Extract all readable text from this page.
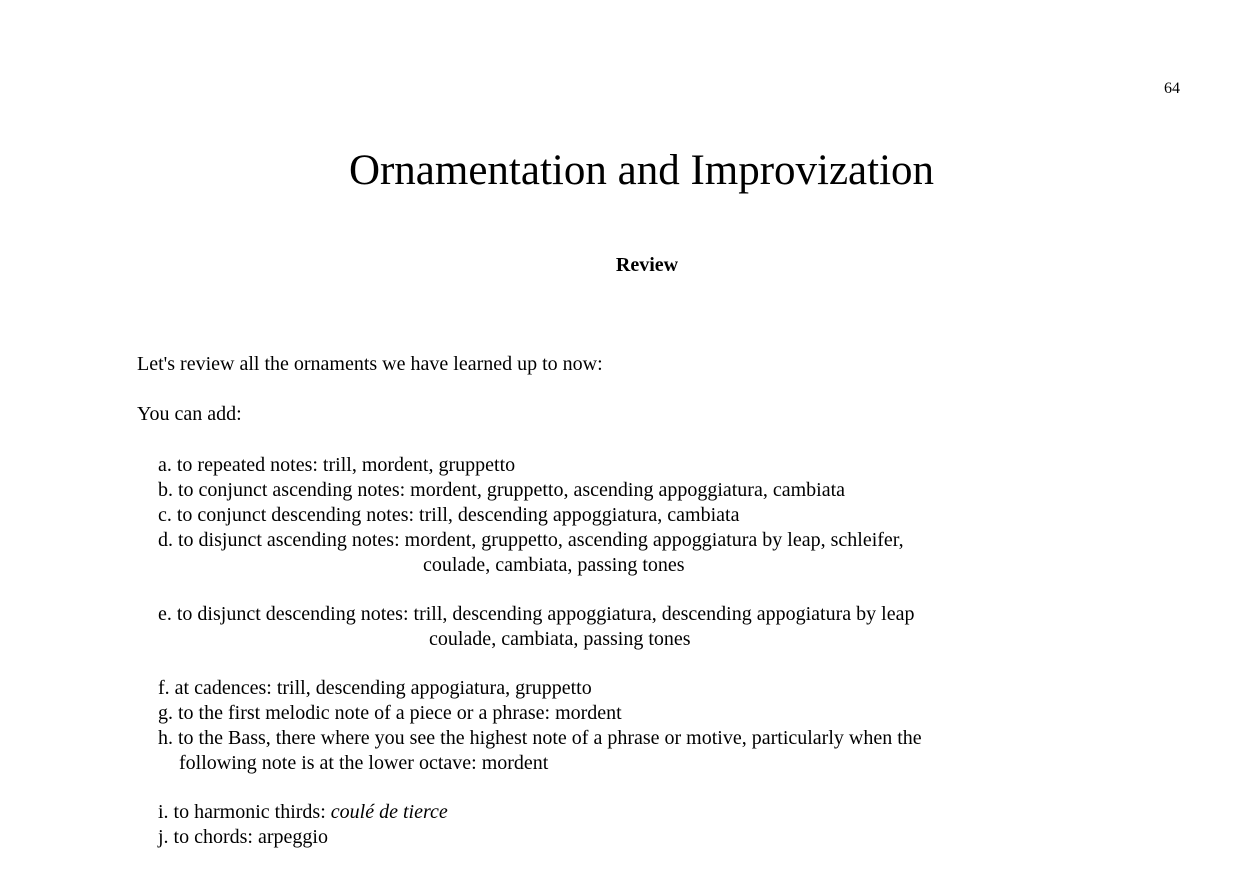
64
Ornamentation and Improvization
Review
Let's review all the ornaments we have learned up to now:
You can add:
a. to repeated notes: trill, mordent, gruppetto
b. to conjunct ascending notes: mordent, gruppetto, ascending appoggiatura, cambiata
c. to conjunct descending notes: trill, descending appoggiatura, cambiata
d. to disjunct ascending notes: mordent, gruppetto, ascending appoggiatura by leap, schleifer,
coulade, cambiata, passing tones
e. to disjunct descending notes: trill, descending appoggiatura, descending appogiatura by leap
coulade, cambiata, passing tones
f. at cadences: trill, descending appogiatura, gruppetto
g. to the first melodic note of a piece or a phrase: mordent
h. to the Bass, there where you see the highest note of a phrase or motive, particularly when the
following note is at the lower octave: mordent
i. to harmonic thirds: coulé de tierce
j. to chords: arpeggio
